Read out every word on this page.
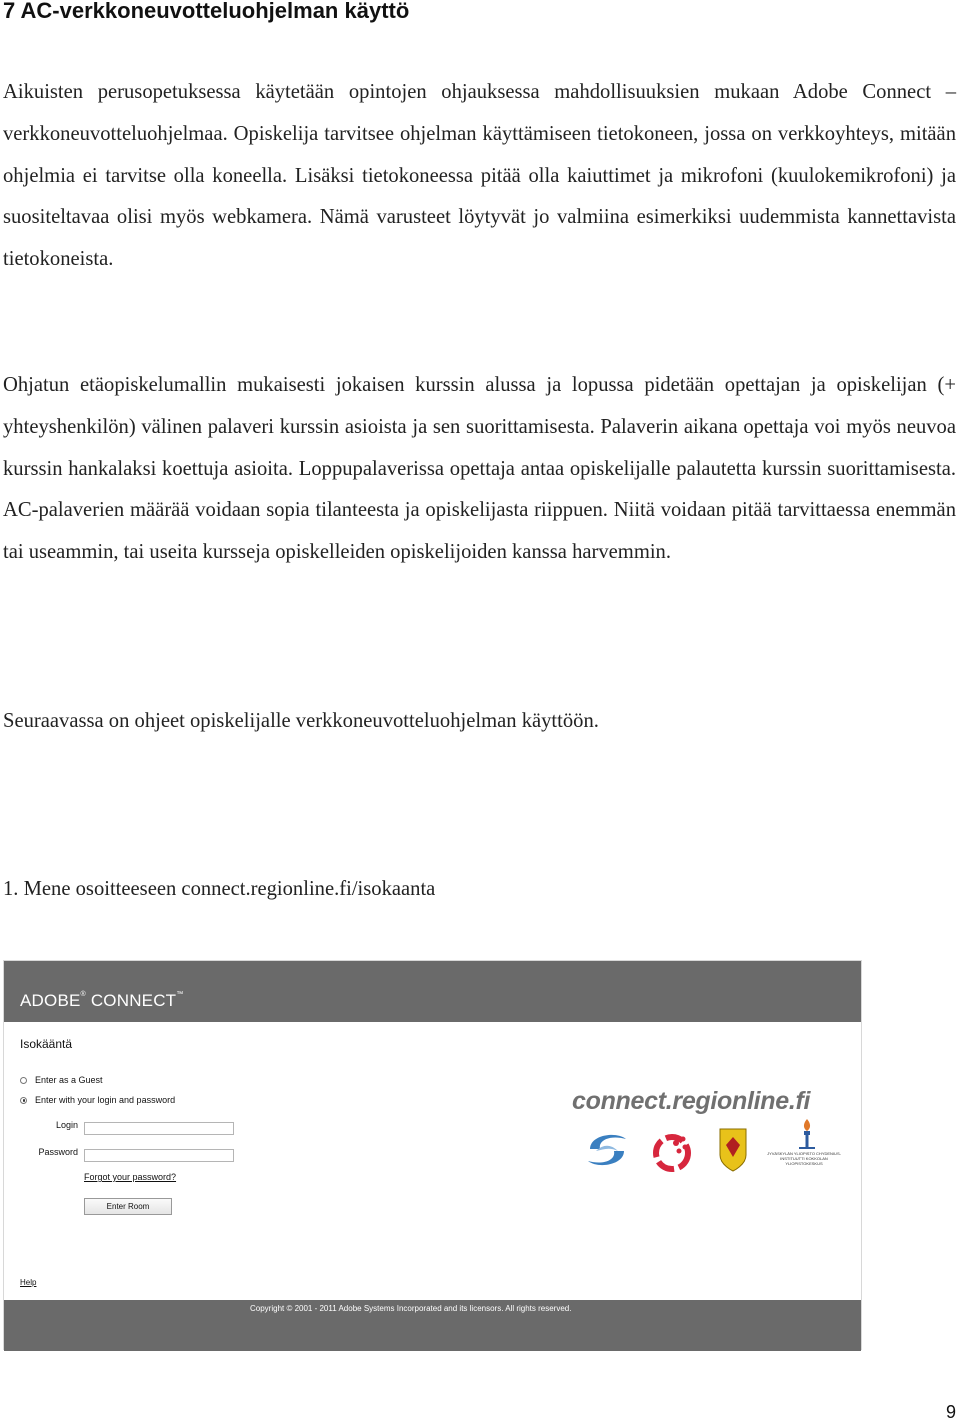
7 AC-verkkoneuvotteluohjelman käyttö

Aikuisten perusopetuksessa käytetään opintojen ohjauksessa mahdollisuuksien mukaan Adobe Connect –verkkoneuvotteluohjelmaa. Opiskelija tarvitsee ohjelman käyttämiseen tietokoneen, jossa on verkkoyhteys, mitään ohjelmia ei tarvitse olla koneella. Lisäksi tietokoneessa pitää olla kaiuttimet ja mikrofoni (kuulokemikrofoni) ja suositeltavaa olisi myös webkamera. Nämä varusteet löytyvät jo valmiina esimerkiksi uudemmista kannettavista tietokoneista.

Ohjatun etäopiskelumallin mukaisesti jokaisen kurssin alussa ja lopussa pidetään opettajan ja opiskelijan (+ yhteyshenkilön) välinen palaveri kurssin asioista ja sen suorittamisesta. Palaverin aikana opettaja voi myös neuvoa kurssin hankalaksi koettuja asioita. Loppupalaverissa opettaja antaa opiskelijalle palautetta kurssin suorittamisesta. AC-palaverien määrää voidaan sopia tilanteesta ja opiskelijasta riippuen. Niitä voidaan pitää tarvittaessa enemmän tai useammin, tai useita kursseja opiskelleiden opiskelijoiden kanssa harvemmin.

Seuraavassa on ohjeet opiskelijalle verkkoneuvotteluohjelman käyttöön.

1. Mene osoitteeseen connect.regionline.fi/isokaanta

ADOBE® CONNECT™
Isokääntä
Enter as a Guest
Enter with your login and password
Login
Password
Forgot your password?
Enter Room
connect.regionline.fi
JYVÄSKYLÄN YLIOPISTO CHYDENIUS-INSTITUUTTI KOKKOLAN YLIOPISTOKESKUS
Help
Copyright © 2001 - 2011 Adobe Systems Incorporated and its licensors. All rights reserved.
9
